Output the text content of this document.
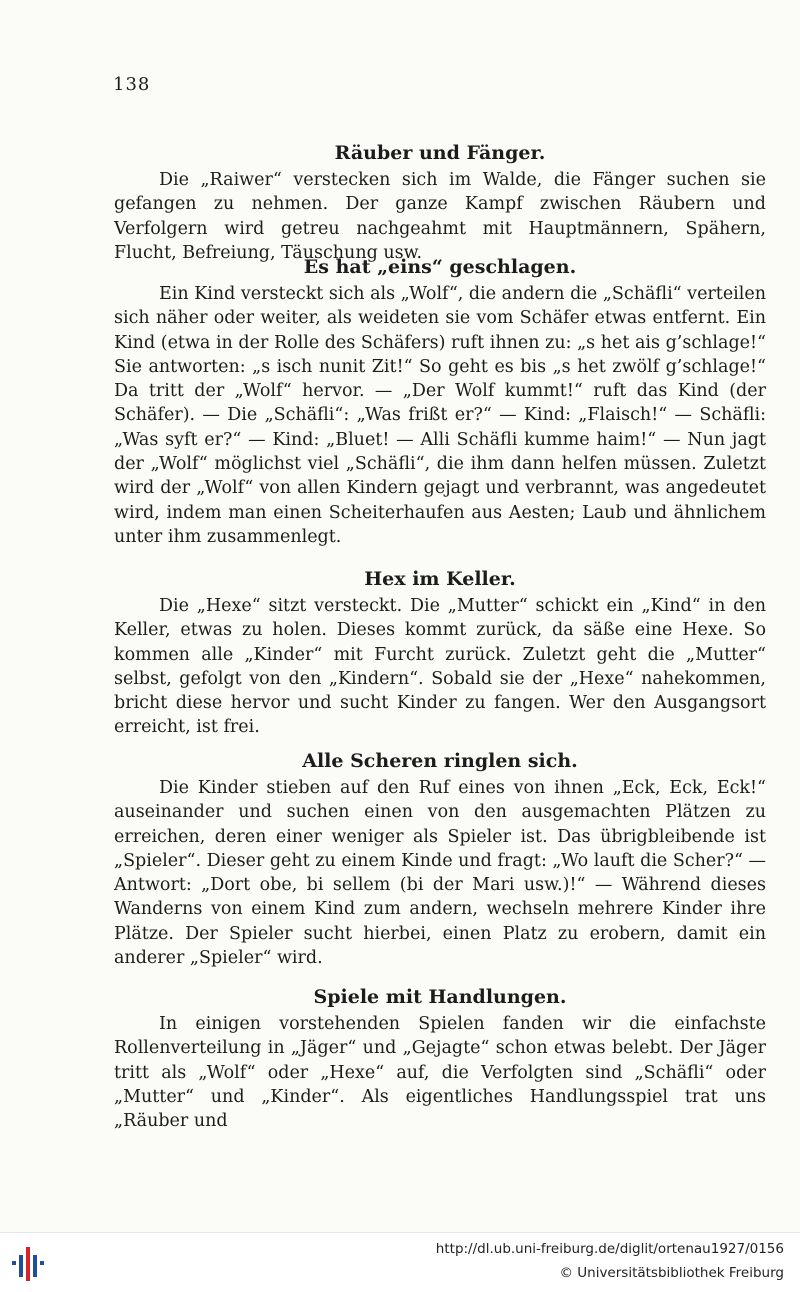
138
Räuber und Fänger.

Die „Raiwer“ verstecken sich im Walde, die Fänger suchen sie gefangen zu nehmen. Der ganze Kampf zwischen Räubern und Verfolgern wird getreu nachgeahmt mit Hauptmännern, Spähern, Flucht, Befreiung, Täuschung usw.

Es hat „eins“ geschlagen.

Ein Kind versteckt sich als „Wolf“, die andern die „Schäfli“ verteilen sich näher oder weiter, als weideten sie vom Schäfer etwas entfernt. Ein Kind (etwa in der Rolle des Schäfers) ruft ihnen zu: „s het ais g’schlage!“ Sie antworten: „s isch nunit Zit!“ So geht es bis „s het zwölf g’schlage!“ Da tritt der „Wolf“ hervor. — „Der Wolf kummt!“ ruft das Kind (der Schäfer). — Die „Schäfli“: „Was frißt er?“ — Kind: „Flaisch!“ — Schäfli: „Was syft er?“ — Kind: „Bluet! — Alli Schäfli kumme haim!“ — Nun jagt der „Wolf“ möglichst viel „Schäfli“, die ihm dann helfen müssen. Zuletzt wird der „Wolf“ von allen Kindern gejagt und verbrannt, was angedeutet wird, indem man einen Scheiterhaufen aus Aesten; Laub und ähnlichem unter ihm zusammenlegt.

Hex im Keller.

Die „Hexe“ sitzt versteckt. Die „Mutter“ schickt ein „Kind“ in den Keller, etwas zu holen. Dieses kommt zurück, da säße eine Hexe. So kommen alle „Kinder“ mit Furcht zurück. Zuletzt geht die „Mutter“ selbst, gefolgt von den „Kindern“. Sobald sie der „Hexe“ nahekommen, bricht diese hervor und sucht Kinder zu fangen. Wer den Ausgangsort erreicht, ist frei.

Alle Scheren ringlen sich.

Die Kinder stieben auf den Ruf eines von ihnen „Eck, Eck, Eck!“ auseinander und suchen einen von den ausgemachten Plätzen zu erreichen, deren einer weniger als Spieler ist. Das übrigbleibende ist „Spieler“. Dieser geht zu einem Kinde und fragt: „Wo lauft die Scher?“ — Antwort: „Dort obe, bi sellem (bi der Mari usw.)!“ — Während dieses Wanderns von einem Kind zum andern, wechseln mehrere Kinder ihre Plätze. Der Spieler sucht hierbei, einen Platz zu erobern, damit ein anderer „Spieler“ wird.

Spiele mit Handlungen.

In einigen vorstehenden Spielen fanden wir die einfachste Rollenverteilung in „Jäger“ und „Gejagte“ schon etwas belebt. Der Jäger tritt als „Wolf“ oder „Hexe“ auf, die Verfolgten sind „Schäfli“ oder „Mutter“ und „Kinder“. Als eigentliches Handlungsspiel trat uns „Räuber und

http://dl.ub.uni-freiburg.de/diglit/ortenau1927/0156
© Universitätsbibliothek Freiburg
